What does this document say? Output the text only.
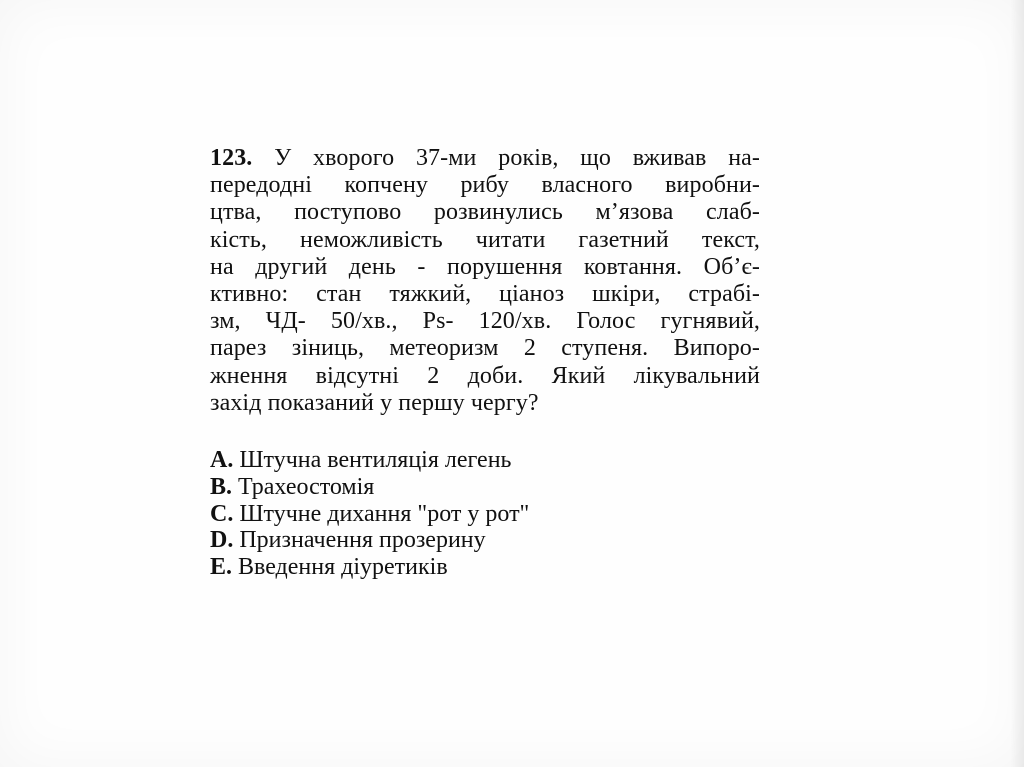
123. У хворого 37-ми років, що вживав на-
передодні копчену рибу власного виробни-
цтва, поступово розвинулись м’язова слаб-
кість, неможливість читати газетний текст,
на другий день - порушення ковтання. Об’є-
ктивно: стан тяжкий, ціаноз шкіри, страбі-
зм, ЧД- 50/хв., Ps- 120/хв. Голос гугнявий,
парез зіниць, метеоризм 2 ступеня. Випоро-
жнення відсутні 2 доби. Який лікувальний
захід показаний у першу чергу?
A. Штучна вентиляція легень
B. Трахеостомія
C. Штучне дихання "рот у рот"
D. Призначення прозерину
E. Введення діуретиків
